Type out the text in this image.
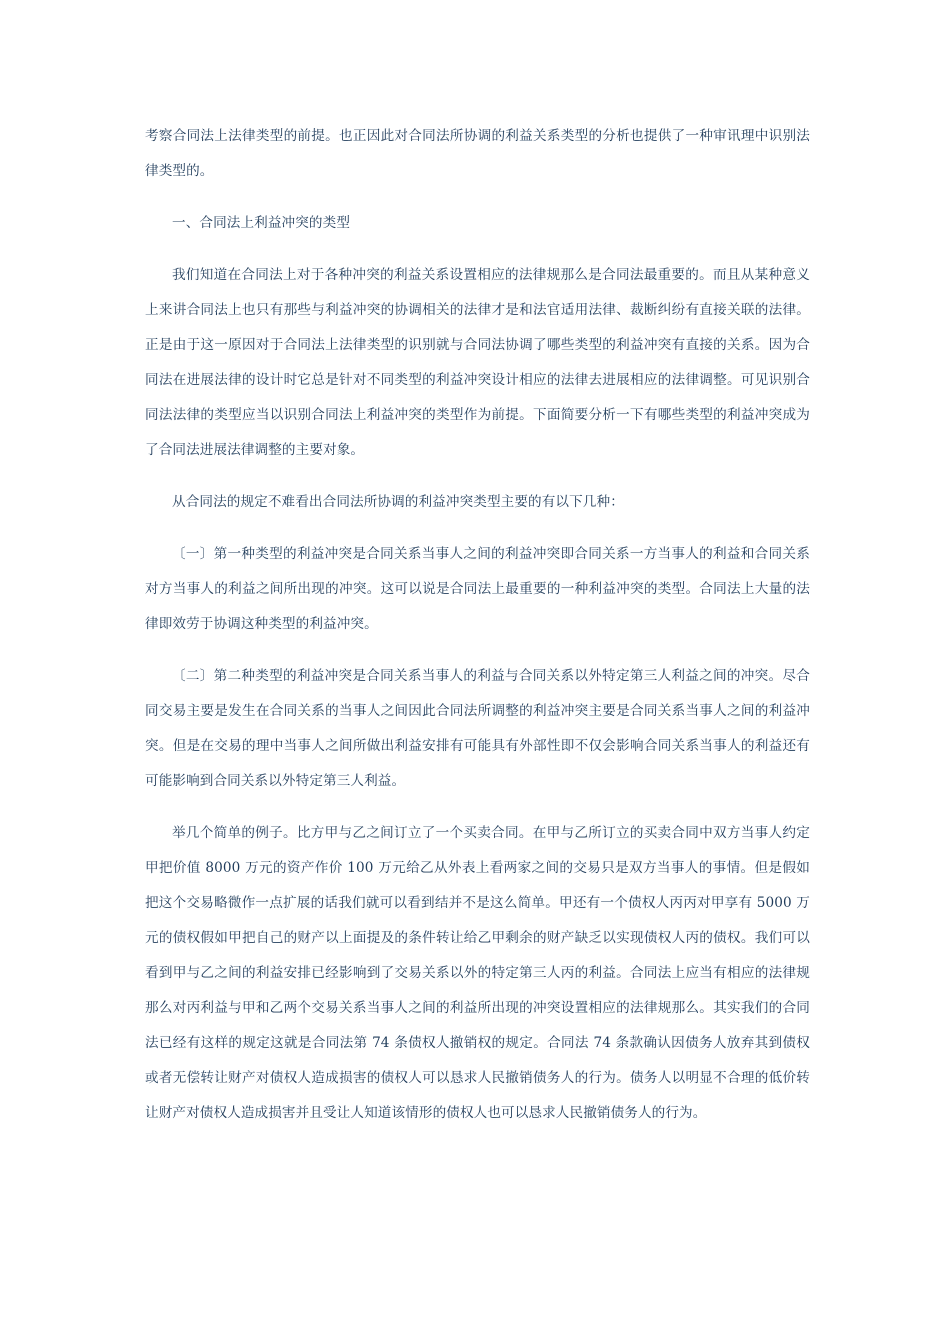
考察合同法上法律类型的前提。也正因此对合同法所协调的利益关系类型的分析也提供了一种审讯理中识别法律类型的。

一、合同法上利益冲突的类型

我们知道在合同法上对于各种冲突的利益关系设置相应的法律规那么是合同法最重要的。而且从某种意义上来讲合同法上也只有那些与利益冲突的协调相关的法律才是和法官适用法律、裁断纠纷有直接关联的法律。正是由于这一原因对于合同法上法律类型的识别就与合同法协调了哪些类型的利益冲突有直接的关系。因为合同法在进展法律的设计时它总是针对不同类型的利益冲突设计相应的法律去进展相应的法律调整。可见识别合同法法律的类型应当以识别合同法上利益冲突的类型作为前提。下面简要分析一下有哪些类型的利益冲突成为了合同法进展法律调整的主要对象。

从合同法的规定不难看出合同法所协调的利益冲突类型主要的有以下几种：

〔一〕第一种类型的利益冲突是合同关系当事人之间的利益冲突即合同关系一方当事人的利益和合同关系对方当事人的利益之间所出现的冲突。这可以说是合同法上最重要的一种利益冲突的类型。合同法上大量的法律即效劳于协调这种类型的利益冲突。

〔二〕第二种类型的利益冲突是合同关系当事人的利益与合同关系以外特定第三人利益之间的冲突。尽合同交易主要是发生在合同关系的当事人之间因此合同法所调整的利益冲突主要是合同关系当事人之间的利益冲突。但是在交易的理中当事人之间所做出利益安排有可能具有外部性即不仅会影响合同关系当事人的利益还有可能影响到合同关系以外特定第三人利益。

举几个简单的例子。比方甲与乙之间订立了一个买卖合同。在甲与乙所订立的买卖合同中双方当事人约定甲把价值 8000 万元的资产作价 100 万元给乙从外表上看两家之间的交易只是双方当事人的事情。但是假如把这个交易略微作一点扩展的话我们就可以看到结并不是这么简单。甲还有一个债权人丙丙对甲享有 5000 万元的债权假如甲把自己的财产以上面提及的条件转让给乙甲剩余的财产缺乏以实现债权人丙的债权。我们可以看到甲与乙之间的利益安排已经影响到了交易关系以外的特定第三人丙的利益。合同法上应当有相应的法律规那么对丙利益与甲和乙两个交易关系当事人之间的利益所出现的冲突设置相应的法律规那么。其实我们的合同法已经有这样的规定这就是合同法第 74 条债权人撤销权的规定。合同法 74 条款确认因债务人放弃其到债权或者无偿转让财产对债权人造成损害的债权人可以恳求人民撤销债务人的行为。债务人以明显不合理的低价转让财产对债权人造成损害并且受让人知道该情形的债权人也可以恳求人民撤销债务人的行为。
